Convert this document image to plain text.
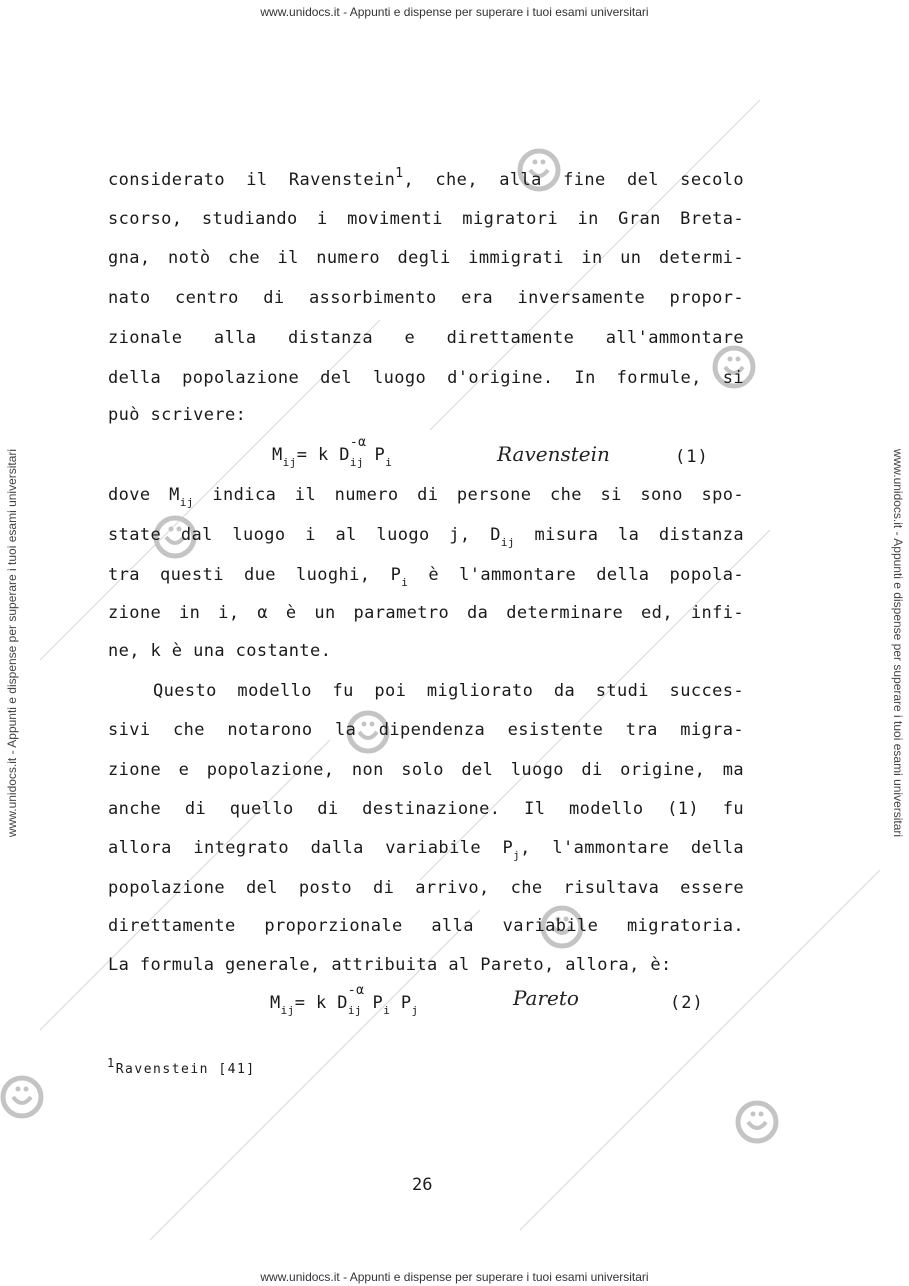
www.unidocs.it - Appunti e dispense per superare i tuoi esami universitari
www.unidocs.it - Appunti e dispense per superare i tuoi esami universitari
www.unidocs.it - Appunti e dispense per superare i tuoi esami universitari	www.unidocs.it - Appunti e dispense per superare i tuoi esami universitari
considerato il Ravenstein$^1$, che, alla fine del secolo
scorso, studiando i movimenti migratori in Gran Breta-
gna, notò che il numero degli immigrati in un determi-
nato centro di assorbimento era inversamente propor-
zionale alla distanza e direttamente all'ammontare
della popolazione del luogo d'origine. In formule, si
può scrivere:
$M_{ij}= k$ D
-α
$_{ij}$ $P_i$	Ravenstein	(1)
dove $M_{ij}$ indica il numero di persone che si sono spo-
state dal luogo i al luogo j, $D_{ij}$ misura la distanza
tra questi due luoghi, $P_i$ è l'ammontare della popola-
zione in i, α è un parametro da determinare ed, infi-
ne, k è una costante.
Questo modello fu poi migliorato da studi succes-
sivi che notarono la dipendenza esistente tra migra-
zione e popolazione, non solo del luogo di origine, ma
anche di quello di destinazione. Il modello (1) fu
allora integrato dalla variabile $P_j$, l'ammontare della
popolazione del posto di arrivo, che risultava essere
direttamente proporzionale alla variabile migratoria.
La formula generale, attribuita al Pareto, allora, è:
$M_{ij}= k$ D
-α
$_{ij}$ $P_i$ $P_j$
Pareto	(2)
1Ravenstein [41]
26
